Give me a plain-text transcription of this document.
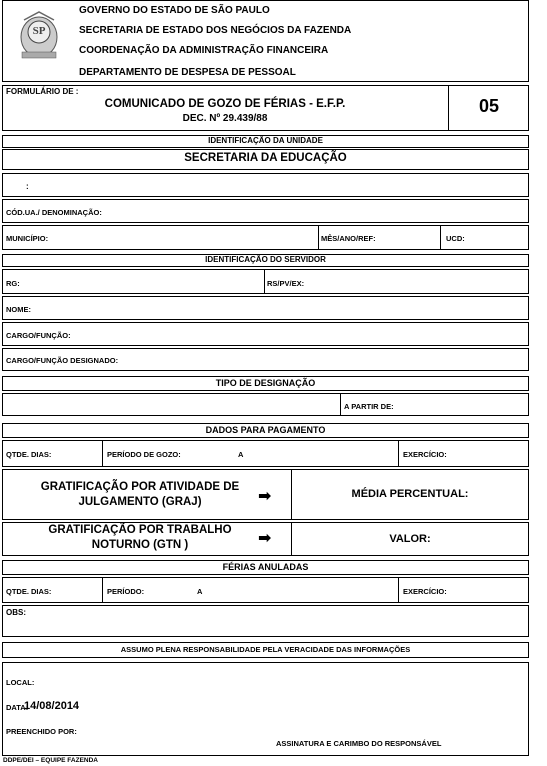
SP
GOVERNO DO ESTADO DE SÃO PAULO
SECRETARIA DE ESTADO DOS NEGÓCIOS DA FAZENDA
COORDENAÇÃO DA ADMINISTRAÇÃO FINANCEIRA
DEPARTAMENTO DE DESPESA DE PESSOAL
FORMULÁRIO DE :
COMUNICADO DE GOZO DE FÉRIAS - E.F.P.
DEC. Nº 29.439/88
05
IDENTIFICAÇÃO DA UNIDADE
SECRETARIA DA EDUCAÇÃO
:
CÓD.UA./ DENOMINAÇÃO:
MUNICÍPIO:	MÊS/ANO/REF:	UCD:
IDENTIFICAÇÃO DO SERVIDOR
RG:	RS/PV/EX:
NOME:
CARGO/FUNÇÃO:
CARGO/FUNÇÃO DESIGNADO:
TIPO DE DESIGNAÇÃO
A PARTIR DE:
DADOS PARA PAGAMENTO
QTDE. DIAS:	PERÍODO DE GOZO:	A	EXERCÍCIO:
GRATIFICAÇÃO POR ATIVIDADE DE
JULGAMENTO (GRAJ)	➡	MÉDIA PERCENTUAL:
GRATIFICAÇÃO POR TRABALHO
NOTURNO (GTN )	➡	VALOR:
FÉRIAS ANULADAS
QTDE. DIAS:	PERÍODO:	A	EXERCÍCIO:
OBS:
ASSUMO PLENA RESPONSABILIDADE PELA VERACIDADE DAS INFORMAÇÕES
LOCAL:
DATA:
14/08/2014
PREENCHIDO POR:
ASSINATURA E CARIMBO DO RESPONSÁVEL
DDPE/DEI – EQUIPE FAZENDA
